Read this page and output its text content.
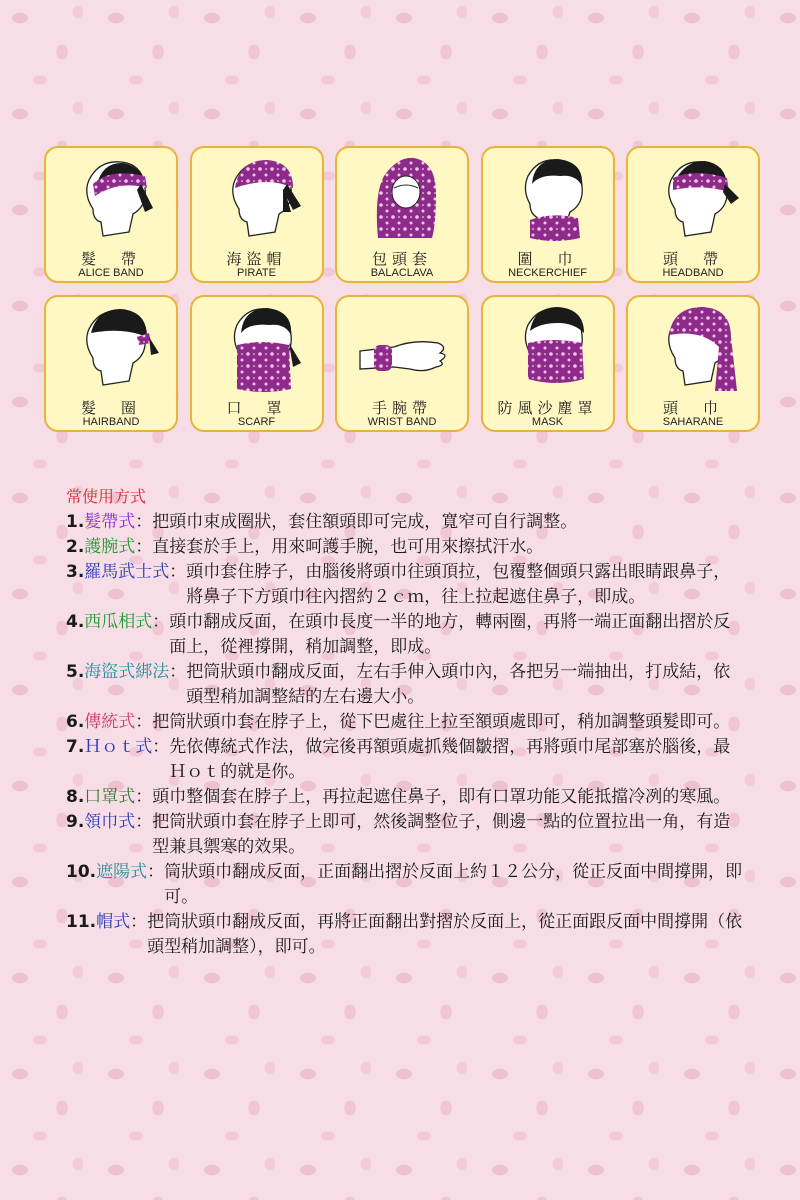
髮　帶
ALICE BAND
海盜帽
PIRATE
包頭套
BALACLAVA
圍　巾
NECKERCHIEF
頭　帶
HEADBAND
髮　圈
HAIRBAND
口　罩
SCARF
手腕帶
WRIST BAND
防風沙塵罩
MASK
頭　巾
SAHARANE
常使用方式
1. 髮帶式 ： 把頭巾束成圈狀，套住額頭即可完成，寬窄可自行調整。
2. 護腕式 ： 直接套於手上，用來呵護手腕，也可用來擦拭汗水。
3. 羅馬武士式 ： 頭巾套住脖子，由腦後將頭巾往頭頂拉，包覆整個頭只露出眼睛跟鼻子，將鼻子下方頭巾往內摺約２ｃｍ，往上拉起遮住鼻子，即成。
4. 西瓜相式 ： 頭巾翻成反面，在頭巾長度一半的地方，轉兩圈，再將一端正面翻出摺於反面上，從裡撐開，稍加調整，即成。
5. 海盜式綁法 ： 把筒狀頭巾翻成反面，左右手伸入頭巾內，各把另一端抽出，打成結，依頭型稍加調整結的左右邊大小。
6. 傳統式 ： 把筒狀頭巾套在脖子上，從下巴處往上拉至額頭處即可，稍加調整頭髮即可。
7. Ｈｏｔ式 ： 先依傳統式作法，做完後再額頭處抓幾個皺摺，再將頭巾尾部塞於腦後，最Ｈｏｔ的就是你。
8. 口罩式 ： 頭巾整個套在脖子上，再拉起遮住鼻子，即有口罩功能又能抵擋冷冽的寒風。
9. 領巾式 ： 把筒狀頭巾套在脖子上即可，然後調整位子，側邊一點的位置拉出一角，有造型兼具禦寒的效果。
10. 遮陽式 ： 筒狀頭巾翻成反面，正面翻出摺於反面上約１２公分，從正反面中間撐開，即可。
11. 帽式 ： 把筒狀頭巾翻成反面，再將正面翻出對摺於反面上，從正面跟反面中間撐開（依頭型稍加調整），即可。
